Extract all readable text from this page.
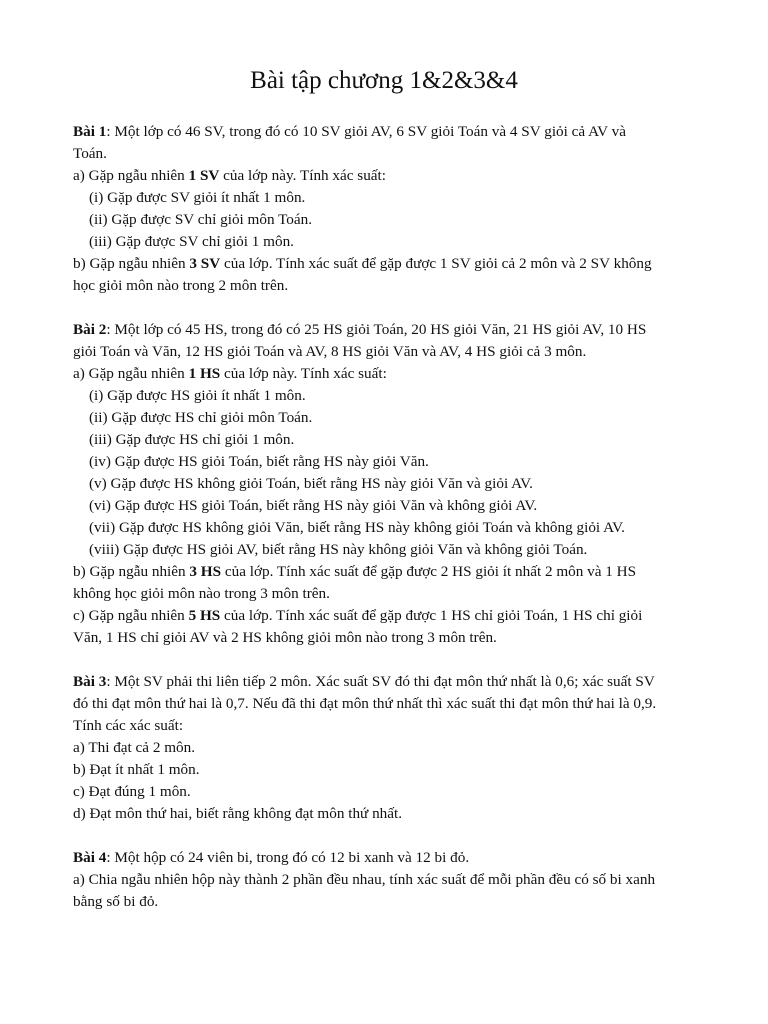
Bài tập chương 1&2&3&4

Bài 1: Một lớp có 46 SV, trong đó có 10 SV giỏi AV, 6 SV giỏi Toán và 4 SV giỏi cả AV và

Toán.

a) Gặp ngẫu nhiên 1 SV của lớp này. Tính xác suất:

(i) Gặp được SV giỏi ít nhất 1 môn.

(ii) Gặp được SV chỉ giỏi môn Toán.

(iii) Gặp được SV chỉ giỏi 1 môn.

b) Gặp ngẫu nhiên 3 SV của lớp. Tính xác suất để gặp được 1 SV giỏi cả 2 môn và 2 SV không

học giỏi môn nào trong 2 môn trên.

Bài 2: Một lớp có 45 HS, trong đó có 25 HS giỏi Toán, 20 HS giỏi Văn, 21 HS giỏi AV, 10 HS

giỏi Toán và Văn, 12 HS giỏi Toán và AV, 8 HS giỏi Văn và AV, 4 HS giỏi cả 3 môn.

a) Gặp ngẫu nhiên 1 HS của lớp này. Tính xác suất:

(i) Gặp được HS giỏi ít nhất 1 môn.

(ii) Gặp được HS chỉ giỏi môn Toán.

(iii) Gặp được HS chỉ giỏi 1 môn.

(iv) Gặp được HS giỏi Toán, biết rằng HS này giỏi Văn.

(v) Gặp được HS không giỏi Toán, biết rằng HS này giỏi Văn và giỏi AV.

(vi) Gặp được HS giỏi Toán, biết rằng HS này giỏi Văn và không giỏi AV.

(vii) Gặp được HS không giỏi Văn, biết rằng HS này không giỏi Toán và không giỏi AV.

(viii) Gặp được HS giỏi AV, biết rằng HS này không giỏi Văn và không giỏi Toán.

b) Gặp ngẫu nhiên 3 HS của lớp. Tính xác suất để gặp được 2 HS giỏi ít nhất 2 môn và 1 HS

không học giỏi môn nào trong 3 môn trên.

c) Gặp ngẫu nhiên 5 HS của lớp. Tính xác suất để gặp được 1 HS chỉ giỏi Toán, 1 HS chỉ giỏi

Văn, 1 HS chỉ giỏi AV và 2 HS không giỏi môn nào trong 3 môn trên.

Bài 3: Một SV phải thi liên tiếp 2 môn. Xác suất SV đó thi đạt môn thứ nhất là 0,6; xác suất SV

đó thi đạt môn thứ hai là 0,7. Nếu đã thi đạt môn thứ nhất thì xác suất thi đạt môn thứ hai là 0,9.

Tính các xác suất:

a) Thi đạt cả 2 môn.

b) Đạt ít nhất 1 môn.

c) Đạt đúng 1 môn.

d) Đạt môn thứ hai, biết rằng không đạt môn thứ nhất.

Bài 4: Một hộp có 24 viên bi, trong đó có 12 bi xanh và 12 bi đỏ.

a) Chia ngẫu nhiên hộp này thành 2 phần đều nhau, tính xác suất để mỗi phần đều có số bi xanh

bằng số bi đỏ.
